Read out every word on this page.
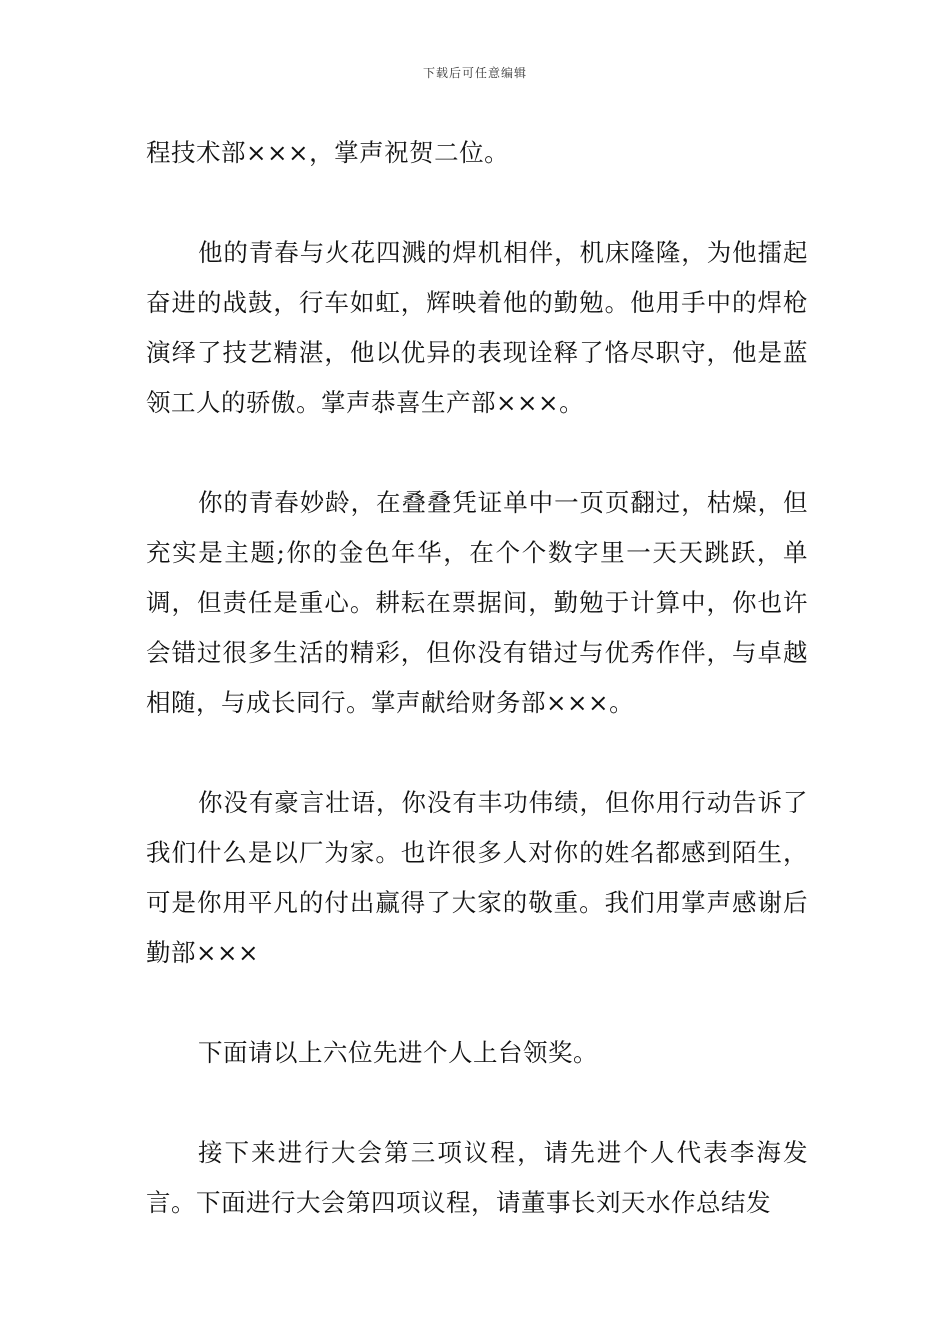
下载后可任意编辑

程技术部×××，掌声祝贺二位。

他的青春与火花四溅的焊机相伴，机床隆隆，为他擂起奋进的战鼓，行车如虹，辉映着他的勤勉。他用手中的焊枪演绎了技艺精湛，他以优异的表现诠释了恪尽职守，他是蓝领工人的骄傲。掌声恭喜生产部×××。

你的青春妙龄，在叠叠凭证单中一页页翻过，枯燥，但充实是主题;你的金色年华，在个个数字里一天天跳跃，单调，但责任是重心。耕耘在票据间，勤勉于计算中，你也许会错过很多生活的精彩，但你没有错过与优秀作伴，与卓越相随，与成长同行。掌声献给财务部×××。

你没有豪言壮语，你没有丰功伟绩，但你用行动告诉了我们什么是以厂为家。也许很多人对你的姓名都感到陌生，可是你用平凡的付出赢得了大家的敬重。我们用掌声感谢后勤部×××

下面请以上六位先进个人上台领奖。

接下来进行大会第三项议程，请先进个人代表李海发言。下面进行大会第四项议程，请董事长刘天水作总结发
